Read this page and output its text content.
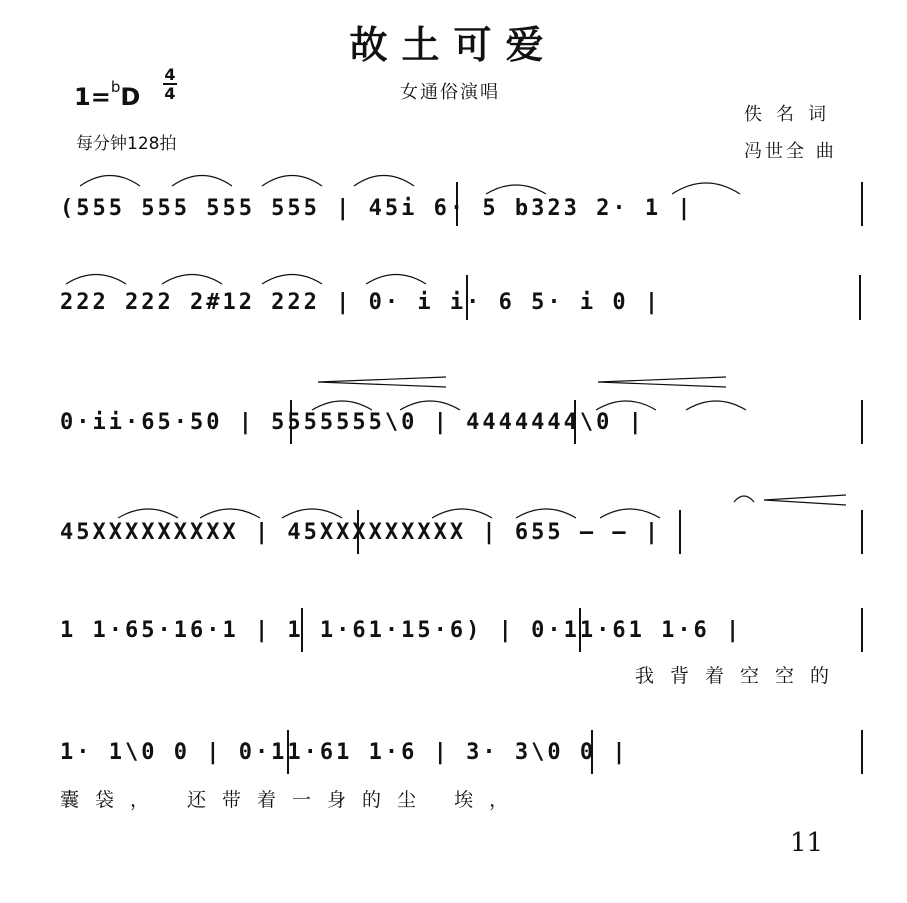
故土可爱
女通俗演唱
1=$^b$D
4
4
每分钟128拍
佚名词
冯世全 曲
(555 555 555 555 | 45i 6· 5 b323 2· 1 |
222 222 2#12 222 | 0· i i· 6 5· i 0 |
0·ii·65·50 | 5555555\0 | 4444444\0 |
45XXXXXXXXX | 45XXXXXXXXX | 655 – – |
1 1·65·16·1 | 1 1·61·15·6) | 0·11·61 1·6 |
我背着空空的
1· 1\0 0 | 0·11·61 1·6 | 3· 3\0 0 |
囊袋， 还带着一身的尘 埃，
11
